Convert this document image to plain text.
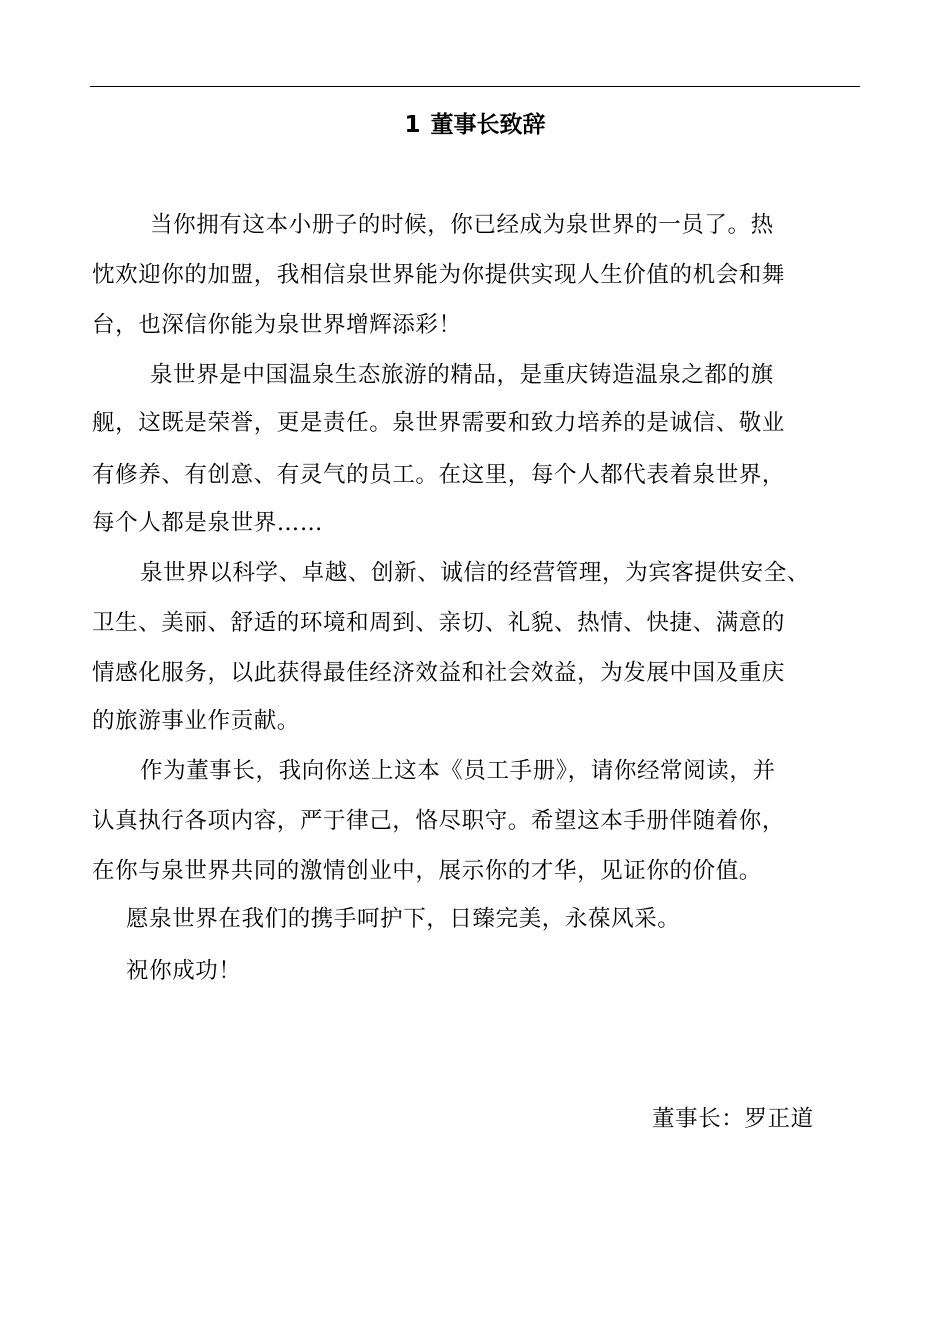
1 董事长致辞
当你拥有这本小册子的时候，你已经成为泉世界的一员了。热
忱欢迎你的加盟，我相信泉世界能为你提供实现人生价值的机会和舞
台，也深信你能为泉世界增辉添彩！
泉世界是中国温泉生态旅游的精品，是重庆铸造温泉之都的旗
舰，这既是荣誉，更是责任。泉世界需要和致力培养的是诚信、敬业
有修养、有创意、有灵气的员工。在这里，每个人都代表着泉世界，
每个人都是泉世界……
泉世界以科学、卓越、创新、诚信的经营管理，为宾客提供安全、
卫生、美丽、舒适的环境和周到、亲切、礼貌、热情、快捷、满意的
情感化服务，以此获得最佳经济效益和社会效益，为发展中国及重庆
的旅游事业作贡献。
作为董事长，我向你送上这本《员工手册》，请你经常阅读，并
认真执行各项内容，严于律己，恪尽职守。希望这本手册伴随着你，
在你与泉世界共同的激情创业中，展示你的才华，见证你的价值。
愿泉世界在我们的携手呵护下，日臻完美，永葆风采。
祝你成功！
董事长：罗正道
